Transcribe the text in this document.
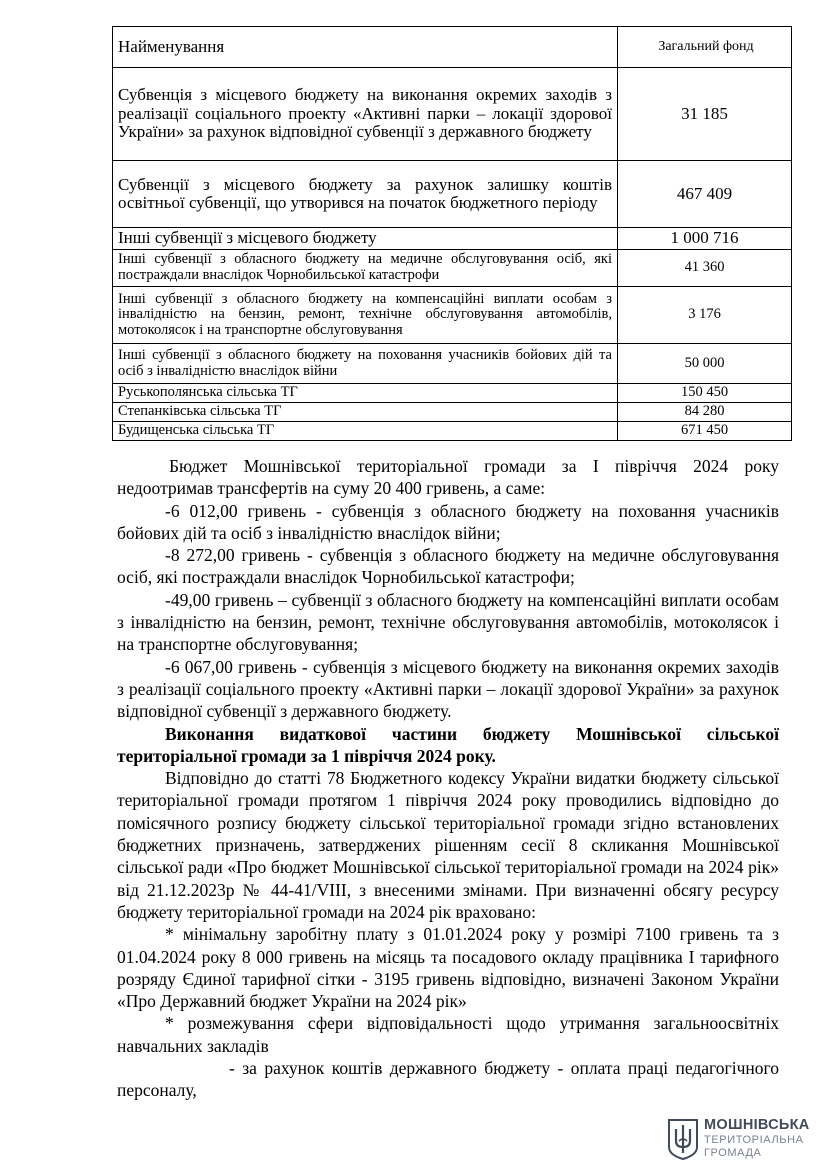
Найменування	Загальний фонд
Субвенція з місцевого бюджету на виконання окремих заходів з реалізації соціального проекту «Активні парки – локації здорової України» за рахунок відповідної субвенції з державного бюджету	31 185
Субвенції з місцевого бюджету за рахунок залишку коштів освітньої субвенції, що утворився на початок бюджетного періоду	467 409
Інші субвенції з місцевого бюджету	1 000 716
Інші субвенції з обласного бюджету на медичне обслуговування осіб, які постраждали внаслідок Чорнобильської катастрофи	41 360
Інші субвенції з обласного бюджету на компенсаційні виплати особам з інвалідністю на бензин, ремонт, технічне обслуговування автомобілів, мотоколясок і на транспортне обслуговування	3 176
Інші субвенції з обласного бюджету на поховання учасників бойових дій та осіб з інвалідністю внаслідок війни	50 000
Руськополянська сільська ТГ	150 450
Степанківська сільська ТГ	84 280
Будищенська сільська ТГ	671 450

Бюджет Мошнівської територіальної громади за І півріччя 2024 року недоотримав трансфертів на суму 20 400 гривень, а саме:

-6 012,00 гривень - субвенція з обласного бюджету на поховання учасників бойових дій та осіб з інвалідністю внаслідок війни;

-8 272,00 гривень - субвенція з обласного бюджету на медичне обслуговування осіб, які постраждали внаслідок Чорнобильської катастрофи;

-49,00 гривень – субвенції з обласного бюджету на компенсаційні виплати особам з інвалідністю на бензин, ремонт, технічне обслуговування автомобілів, мотоколясок і на транспортне обслуговування;

-6 067,00 гривень - субвенція з місцевого бюджету на виконання окремих заходів з реалізації соціального проекту «Активні парки – локації здорової України» за рахунок відповідної субвенції з державного бюджету.

Виконання видаткової частини бюджету Мошнівської сільської територіальної громади за 1 півріччя 2024 року.

Відповідно до статті 78 Бюджетного кодексу України видатки бюджету сільської територіальної громади протягом 1 півріччя 2024 року проводились відповідно до помісячного розпису бюджету сільської територіальної громади згідно встановлених бюджетних призначень, затверджених рішенням сесії 8 скликання Мошнівської сільської ради «Про бюджет Мошнівської сільської територіальної громади на 2024 рік» від 21.12.2023р № 44-41/VIII, з внесеними змінами. При визначенні обсягу ресурсу бюджету територіальної громади на 2024 рік враховано:

* мінімальну заробітну плату з 01.01.2024 року у розмірі 7100 гривень та з 01.04.2024 року 8 000 гривень на місяць та посадового окладу працівника І тарифного розряду Єдиної тарифної сітки - 3195 гривень відповідно, визначені Законом України «Про Державний бюджет України на 2024 рік»

* розмежування сфери відповідальності щодо утримання загальноосвітніх навчальних закладів

- за рахунок коштів державного бюджету - оплата праці педагогічного персоналу,

МОШНІВСЬКА
ТЕРИТОРІАЛЬНА
ГРОМАДА
